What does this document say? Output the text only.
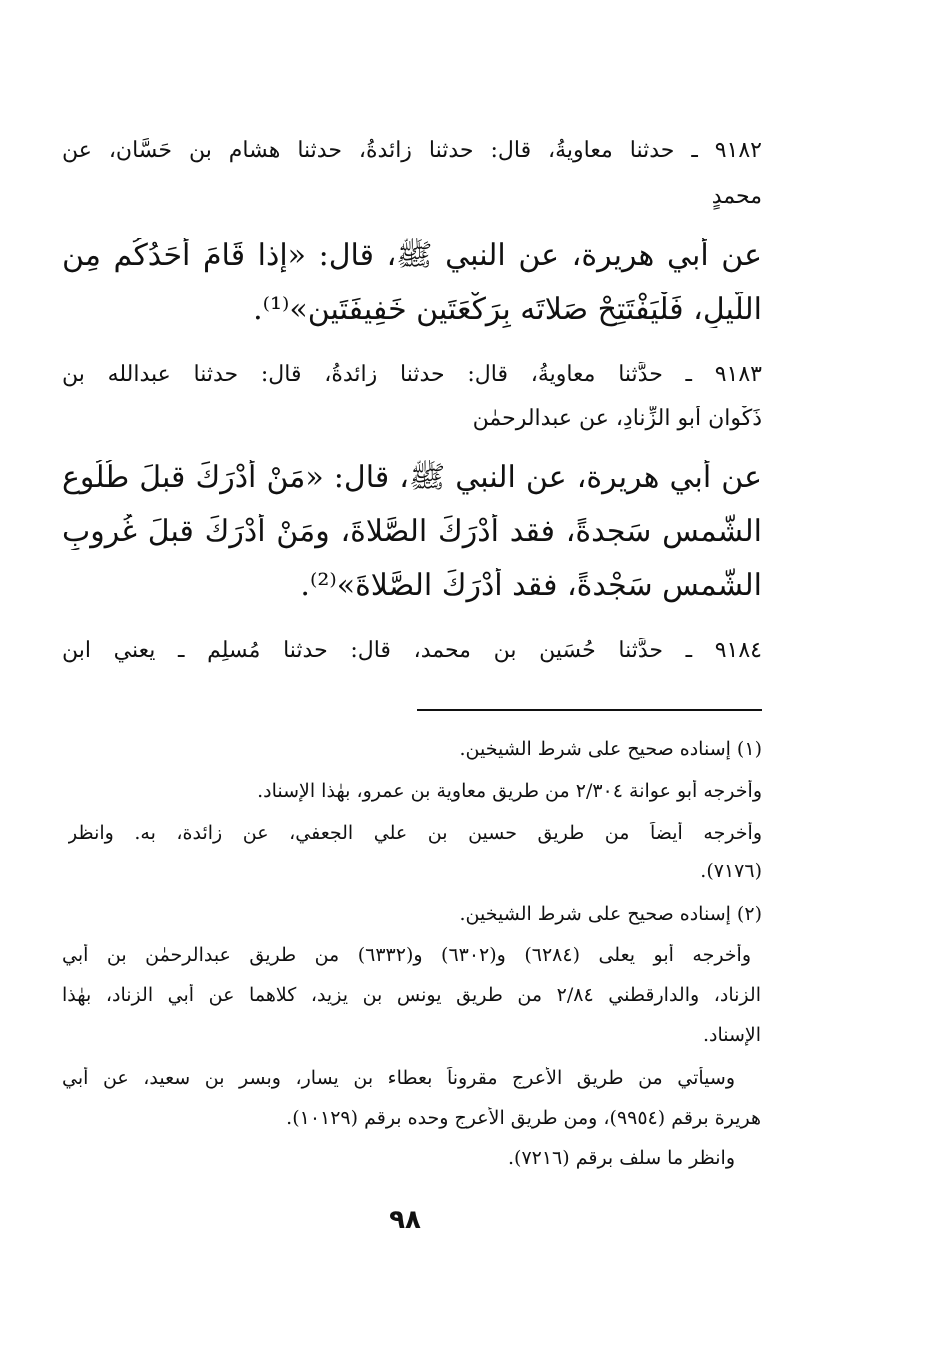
٩١٨٢ ـ حدثنا معاويةُ، قال: حدثنا زائدةُ، حدثنا هشام بن حَسَّان، عن
محمدٍ
عن أبي هريرة، عن النبي ﷺ، قال: «إذا قَامَ أَحَدُكُم مِن
اللَّيلِ، فَلْيَفْتَتِحْ صَلاتَه بِرَكْعَتَينِ خَفِيفَتَين»⁽¹⁾.
٩١٨٣ ـ حدَّثنا معاويةُ، قال: حدثنا زائدةُ، قال: حدثنا عبدالله بن
ذَكْوان أَبو الزِّنادِ، عن عبدالرحمٰن
عن أبي هريرة، عن النبي ﷺ، قال: «مَنْ أَدْرَكَ قبلَ طُلُوعِ
الشَّمس سَجدةً، فقد أَدْرَكَ الصَّلاةَ، ومَنْ أَدْرَكَ قبلَ غُروبِ
الشَّمسِ سَجْدةً، فقد أَدْرَكَ الصَّلاةَ»⁽²⁾.
٩١٨٤ ـ حدَّثنا حُسَين بن محمد، قال: حدثنا مُسلِم ـ يعني ابن
(١) إسناده صحيح على شرط الشيخين.
وأخرجه أبو عوانة ٢/٣٠٤ من طريق معاوية بن عمرو، بهٰذا الإسناد.
وأخرجه أيضاً من طريق حسين بن علي الجعفي، عن زائدة، به. وانظر
(٧١٧٦).
(٢) إسناده صحيح على شرط الشيخين.
وأخرجه أبو يعلى (٦٢٨٤) و(٦٣٠٢) و(٦٣٣٢) من طريق عبدالرحمٰن بن أبي
الزناد، والدارقطني ٢/٨٤ من طريق يونس بن يزيد، كلاهما عن أبي الزناد، بهٰذا
الإسناد.
وسيأتي من طريق الأعرج مقروناً بعطاء بن يسار، وبسر بن سعيد، عن أبي
هريرة برقم (٩٩٥٤)، ومن طريق الأعرج وحده برقم (١٠١٢٩).
وانظر ما سلف برقم (٧٢١٦).
٩٨
